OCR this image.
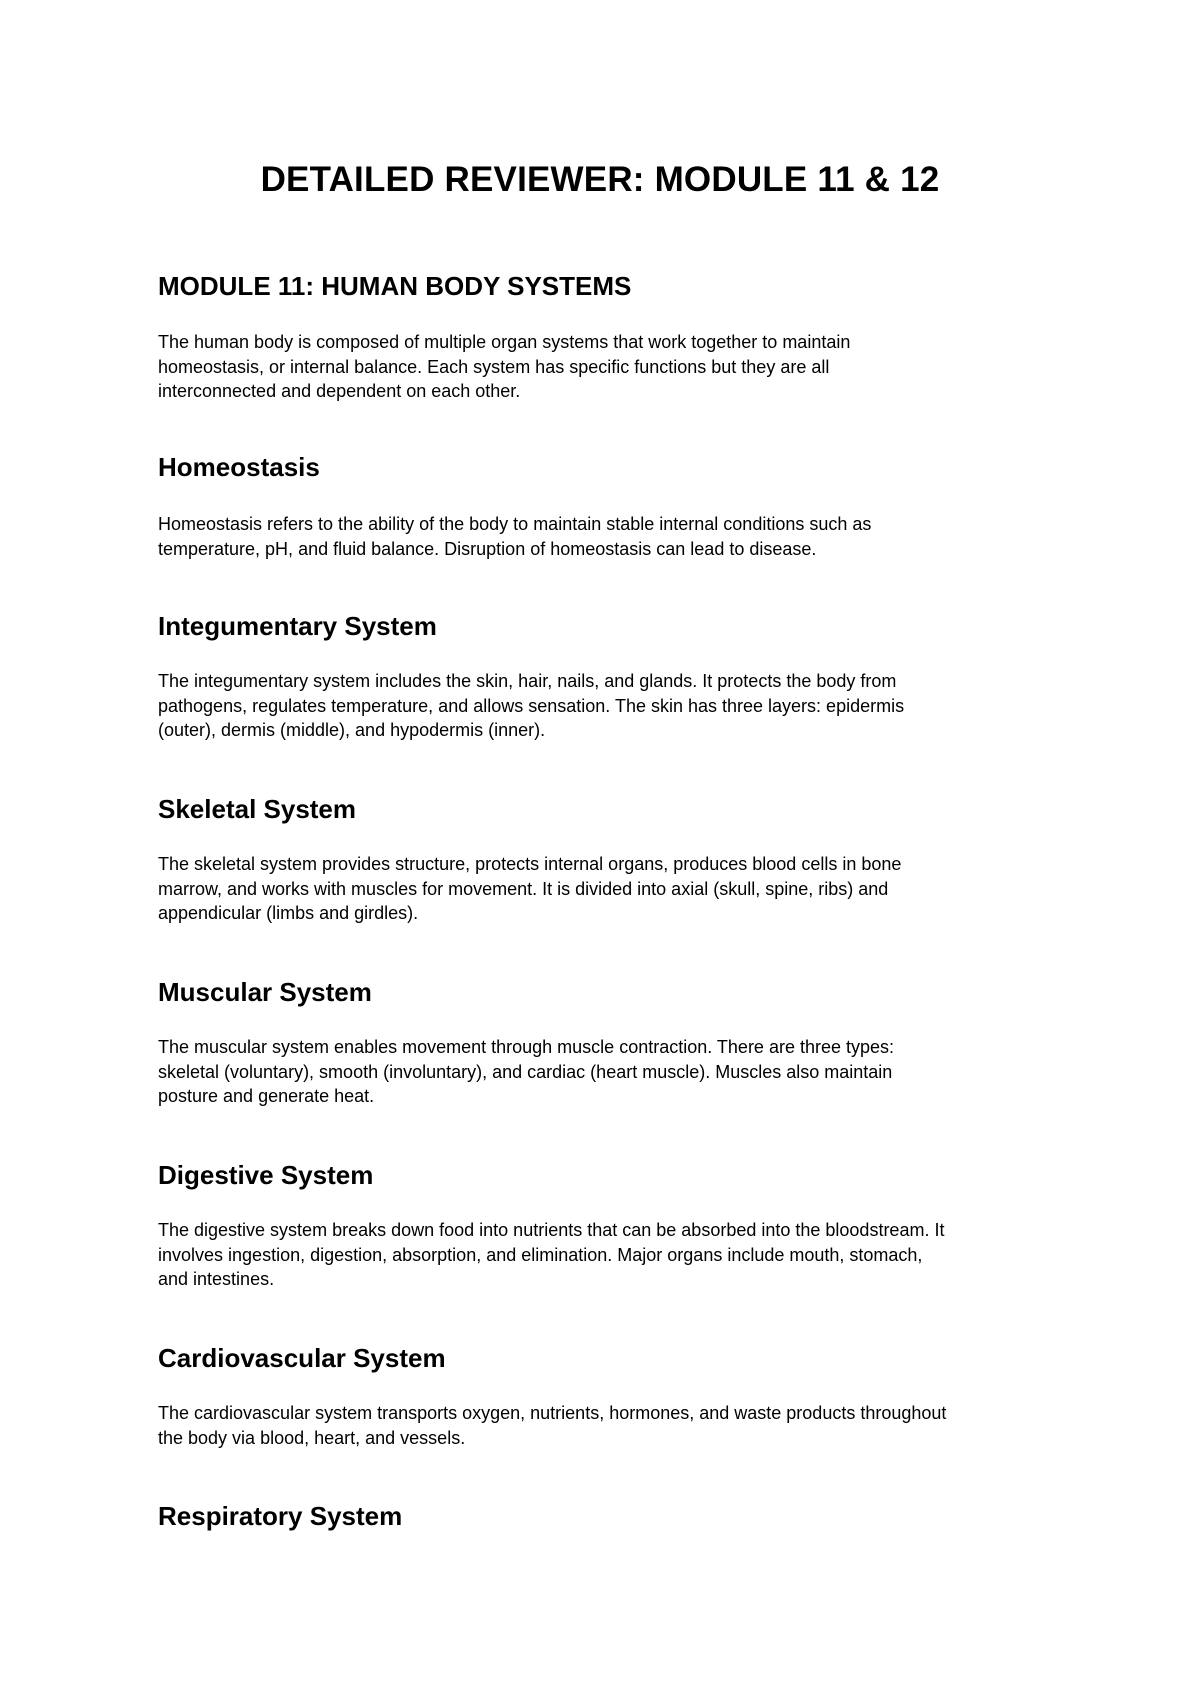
DETAILED REVIEWER: MODULE 11 & 12
MODULE 11: HUMAN BODY SYSTEMS

The human body is composed of multiple organ systems that work together to maintain
homeostasis, or internal balance. Each system has specific functions but they are all
interconnected and dependent on each other.

Homeostasis

Homeostasis refers to the ability of the body to maintain stable internal conditions such as
temperature, pH, and fluid balance. Disruption of homeostasis can lead to disease.

Integumentary System

The integumentary system includes the skin, hair, nails, and glands. It protects the body from
pathogens, regulates temperature, and allows sensation. The skin has three layers: epidermis
(outer), dermis (middle), and hypodermis (inner).

Skeletal System

The skeletal system provides structure, protects internal organs, produces blood cells in bone
marrow, and works with muscles for movement. It is divided into axial (skull, spine, ribs) and
appendicular (limbs and girdles).

Muscular System

The muscular system enables movement through muscle contraction. There are three types:
skeletal (voluntary), smooth (involuntary), and cardiac (heart muscle). Muscles also maintain
posture and generate heat.

Digestive System

The digestive system breaks down food into nutrients that can be absorbed into the bloodstream. It
involves ingestion, digestion, absorption, and elimination. Major organs include mouth, stomach,
and intestines.

Cardiovascular System

The cardiovascular system transports oxygen, nutrients, hormones, and waste products throughout
the body via blood, heart, and vessels.

Respiratory System
